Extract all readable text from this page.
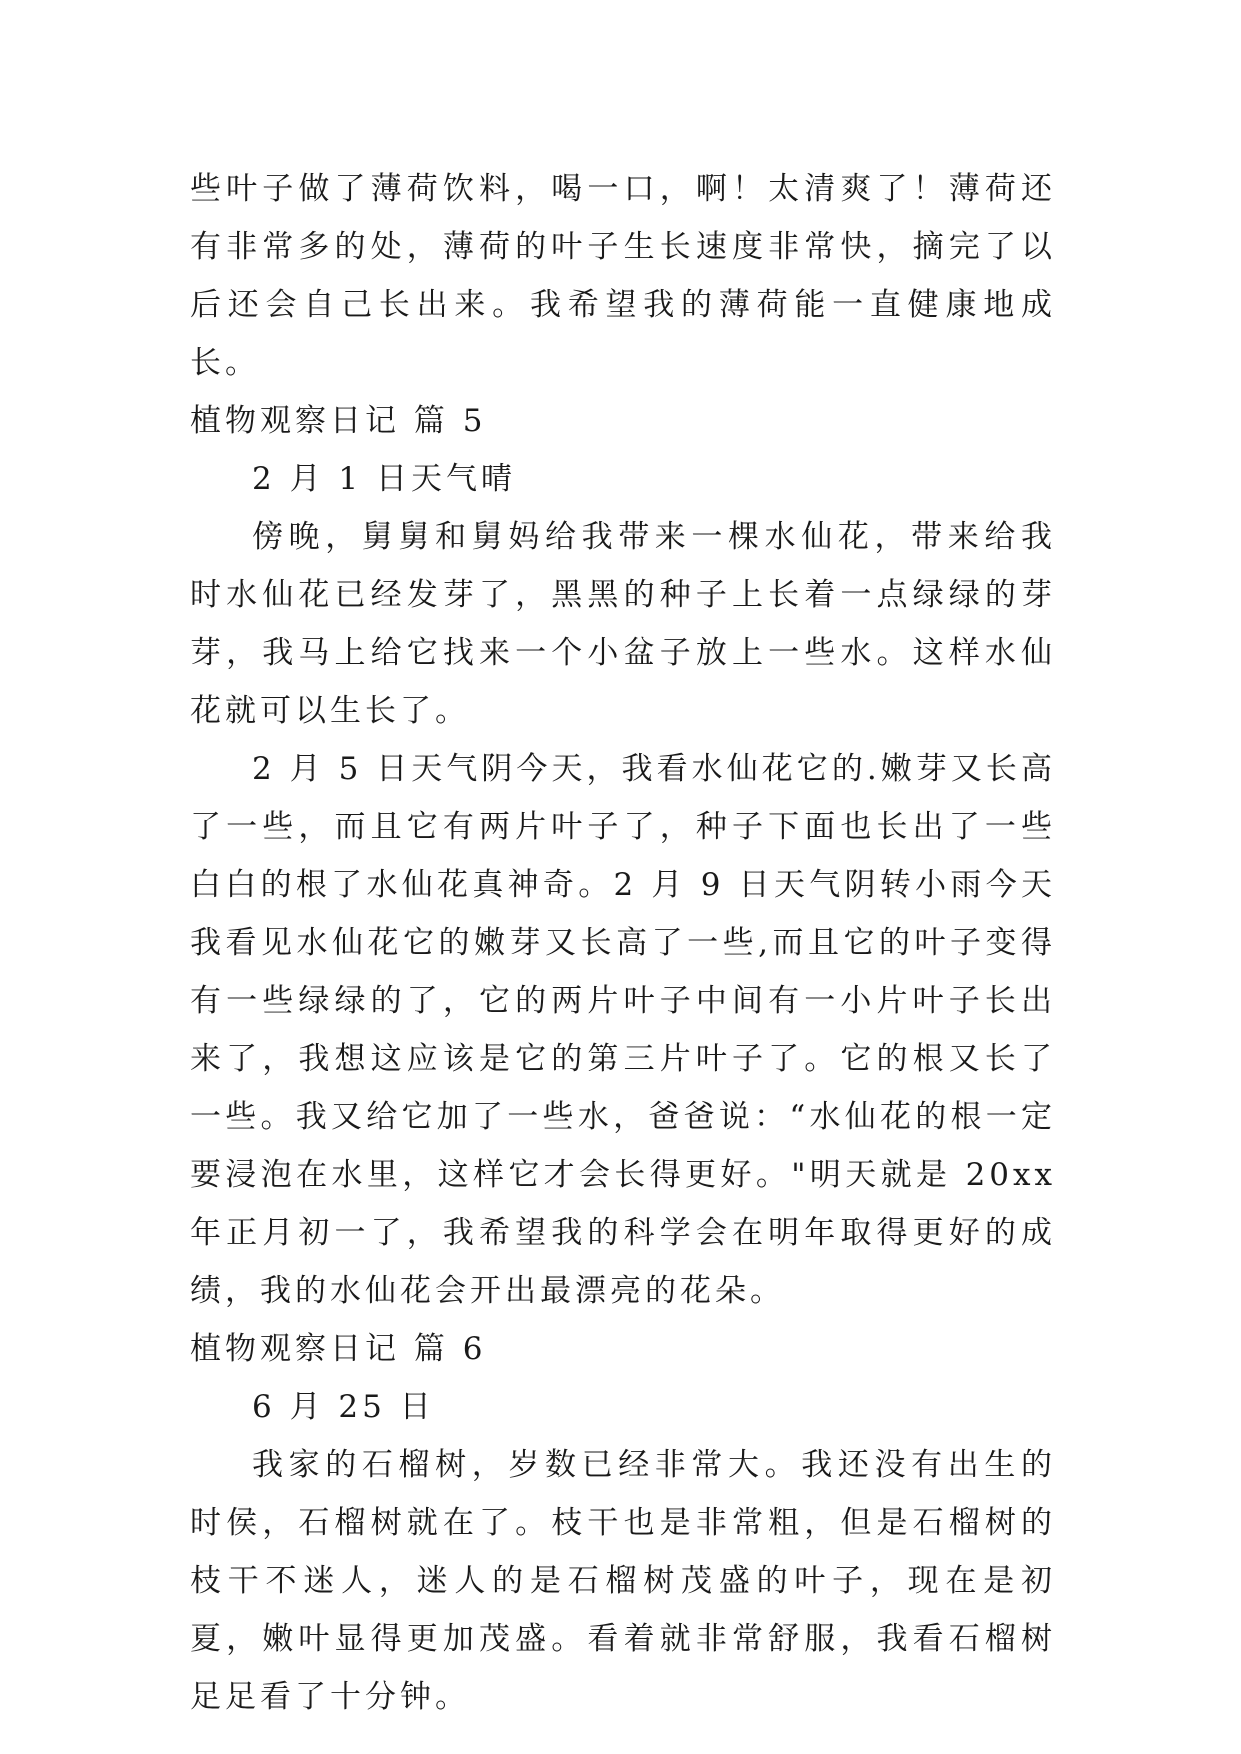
些叶子做了薄荷饮料，喝一口，啊！太清爽了！薄荷还有非常多的处，薄荷的叶子生长速度非常快，摘完了以后还会自己长出来。我希望我的薄荷能一直健康地成长。

植物观察日记 篇 5

2 月 1 日天气晴

傍晚，舅舅和舅妈给我带来一棵水仙花，带来给我时水仙花已经发芽了，黑黑的种子上长着一点绿绿的芽芽，我马上给它找来一个小盆子放上一些水。这样水仙花就可以生长了。

2 月 5 日天气阴今天，我看水仙花它的.嫩芽又长高了一些，而且它有两片叶子了，种子下面也长出了一些白白的根了水仙花真神奇。2 月 9 日天气阴转小雨今天我看见水仙花它的嫩芽又长高了一些,而且它的叶子变得有一些绿绿的了，它的两片叶子中间有一小片叶子长出来了，我想这应该是它的第三片叶子了。它的根又长了一些。我又给它加了一些水，爸爸说：“水仙花的根一定要浸泡在水里，这样它才会长得更好。"明天就是 20xx 年正月初一了，我希望我的科学会在明年取得更好的成绩，我的水仙花会开出最漂亮的花朵。

植物观察日记 篇 6

6 月 25 日

我家的石榴树，岁数已经非常大。我还没有出生的时侯，石榴树就在了。枝干也是非常粗，但是石榴树的枝干不迷人，迷人的是石榴树茂盛的叶子，现在是初夏，嫩叶显得更加茂盛。看着就非常舒服，我看石榴树足足看了十分钟。
